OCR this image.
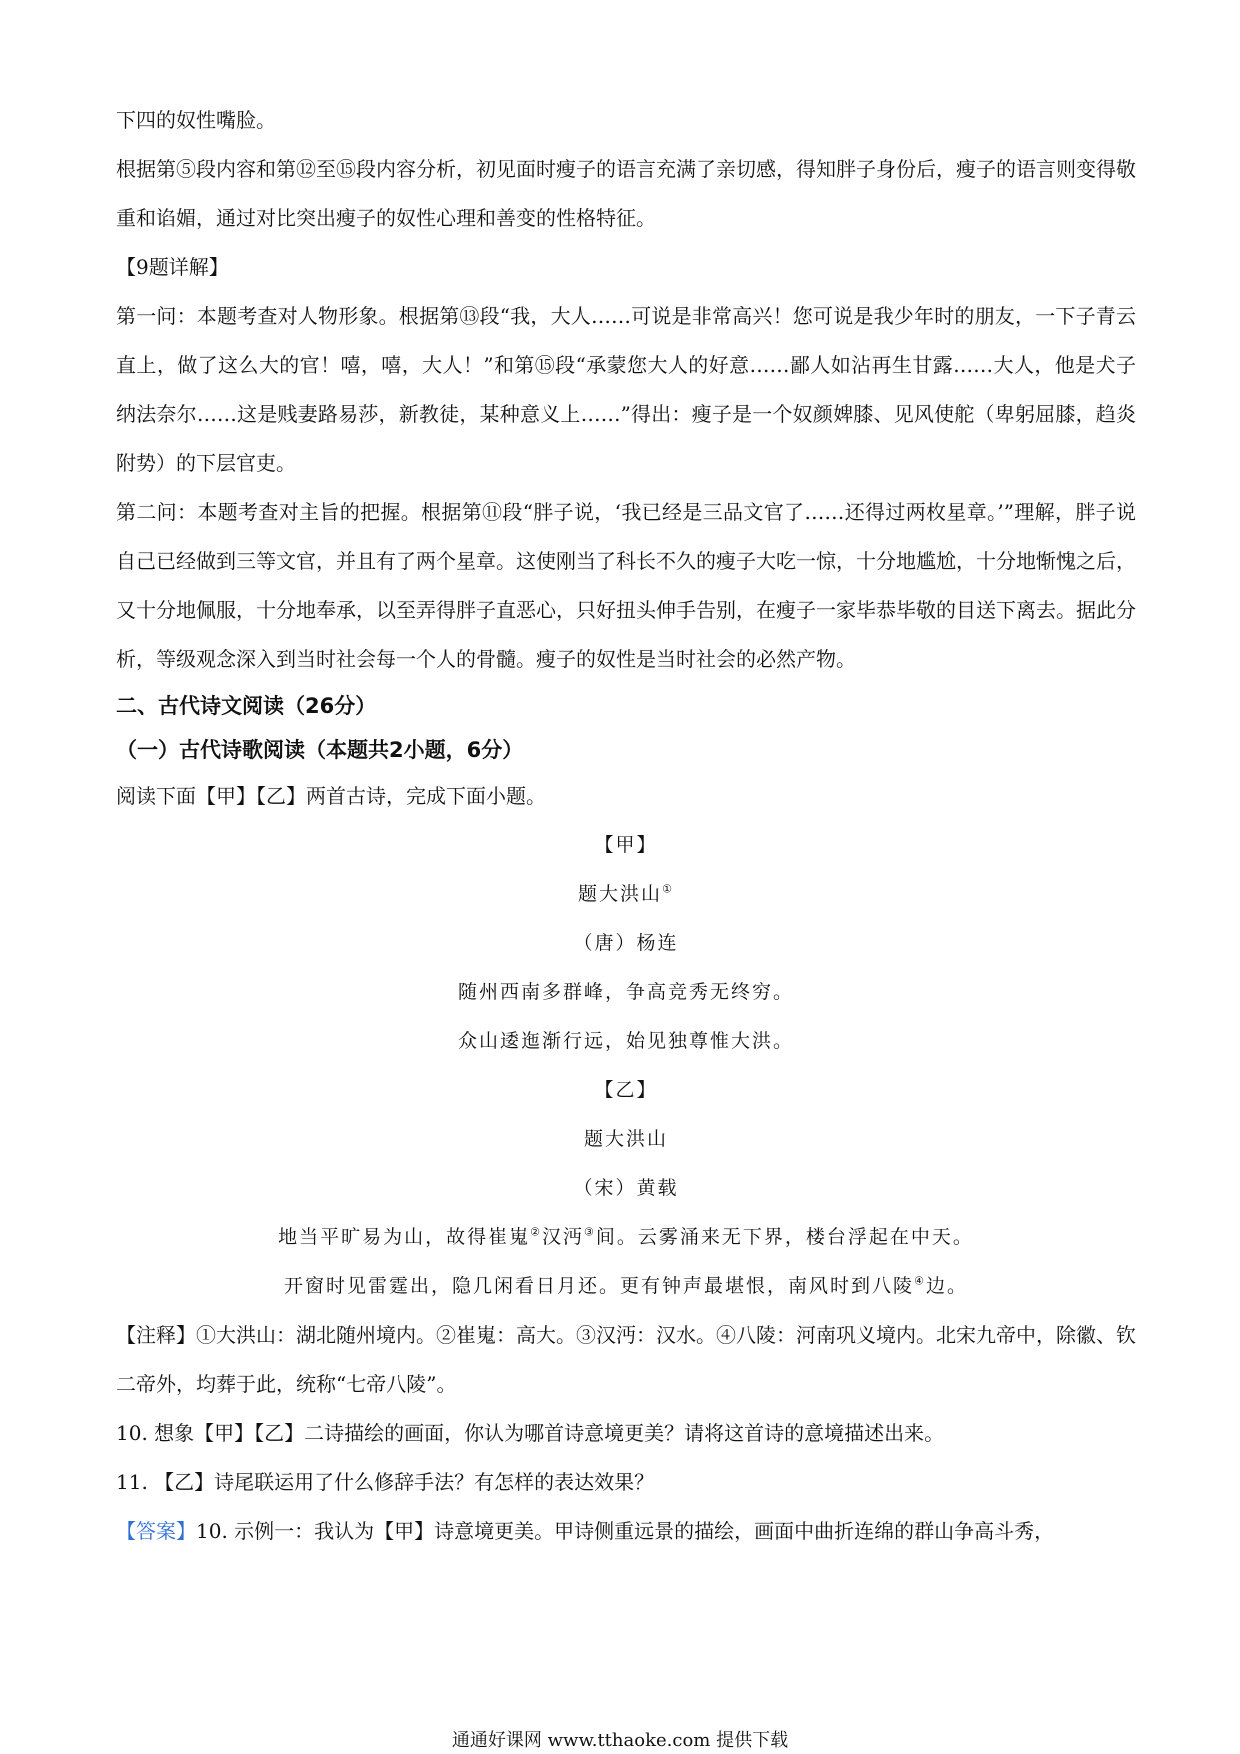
下四的奴性嘴脸。

根据第⑤段内容和第⑫至⑮段内容分析，初见面时瘦子的语言充满了亲切感，得知胖子身份后，瘦子的语言则变得敬重和谄媚，通过对比突出瘦子的奴性心理和善变的性格特征。

【9题详解】

第一问：本题考查对人物形象。根据第⑬段“我，大人……可说是非常高兴！您可说是我少年时的朋友，一下子青云直上，做了这么大的官！嘻，嘻，大人！”和第⑮段“承蒙您大人的好意……鄙人如沾再生甘露……大人，他是犬子纳法奈尔……这是贱妻路易莎，新教徒，某种意义上……”得出：瘦子是一个奴颜婢膝、见风使舵（卑躬屈膝，趋炎附势）的下层官吏。

第二问：本题考查对主旨的把握。根据第⑪段“胖子说，‘我已经是三品文官了……还得过两枚星章。’”理解，胖子说自己已经做到三等文官，并且有了两个星章。这使刚当了科长不久的瘦子大吃一惊，十分地尴尬，十分地惭愧之后，又十分地佩服，十分地奉承，以至弄得胖子直恶心，只好扭头伸手告别，在瘦子一家毕恭毕敬的目送下离去。据此分析，等级观念深入到当时社会每一个人的骨髓。瘦子的奴性是当时社会的必然产物。

二、古代诗文阅读（26分）

（一）古代诗歌阅读（本题共2小题，6分）

阅读下面【甲】【乙】两首古诗，完成下面小题。

【甲】

题大洪山①

（唐）杨连

随州西南多群峰，争高竞秀无终穷。

众山逶迤渐行远，始见独尊惟大洪。

【乙】

题大洪山

（宋）黄载

地当平旷易为山，故得崔嵬②汉沔③间。云雾涌来无下界，楼台浮起在中天。

开窗时见雷霆出，隐几闲看日月还。更有钟声最堪恨，南风时到八陵④边。

【注释】①大洪山：湖北随州境内。②崔嵬：高大。③汉沔：汉水。④八陵：河南巩义境内。北宋九帝中，除徽、钦二帝外，均葬于此，统称“七帝八陵”。

10. 想象【甲】【乙】二诗描绘的画面，你认为哪首诗意境更美？请将这首诗的意境描述出来。

11. 【乙】诗尾联运用了什么修辞手法？有怎样的表达效果？

【答案】10. 示例一：我认为【甲】诗意境更美。甲诗侧重远景的描绘，画面中曲折连绵的群山争高斗秀，

通通好课网 www.tthaoke.com 提供下载
